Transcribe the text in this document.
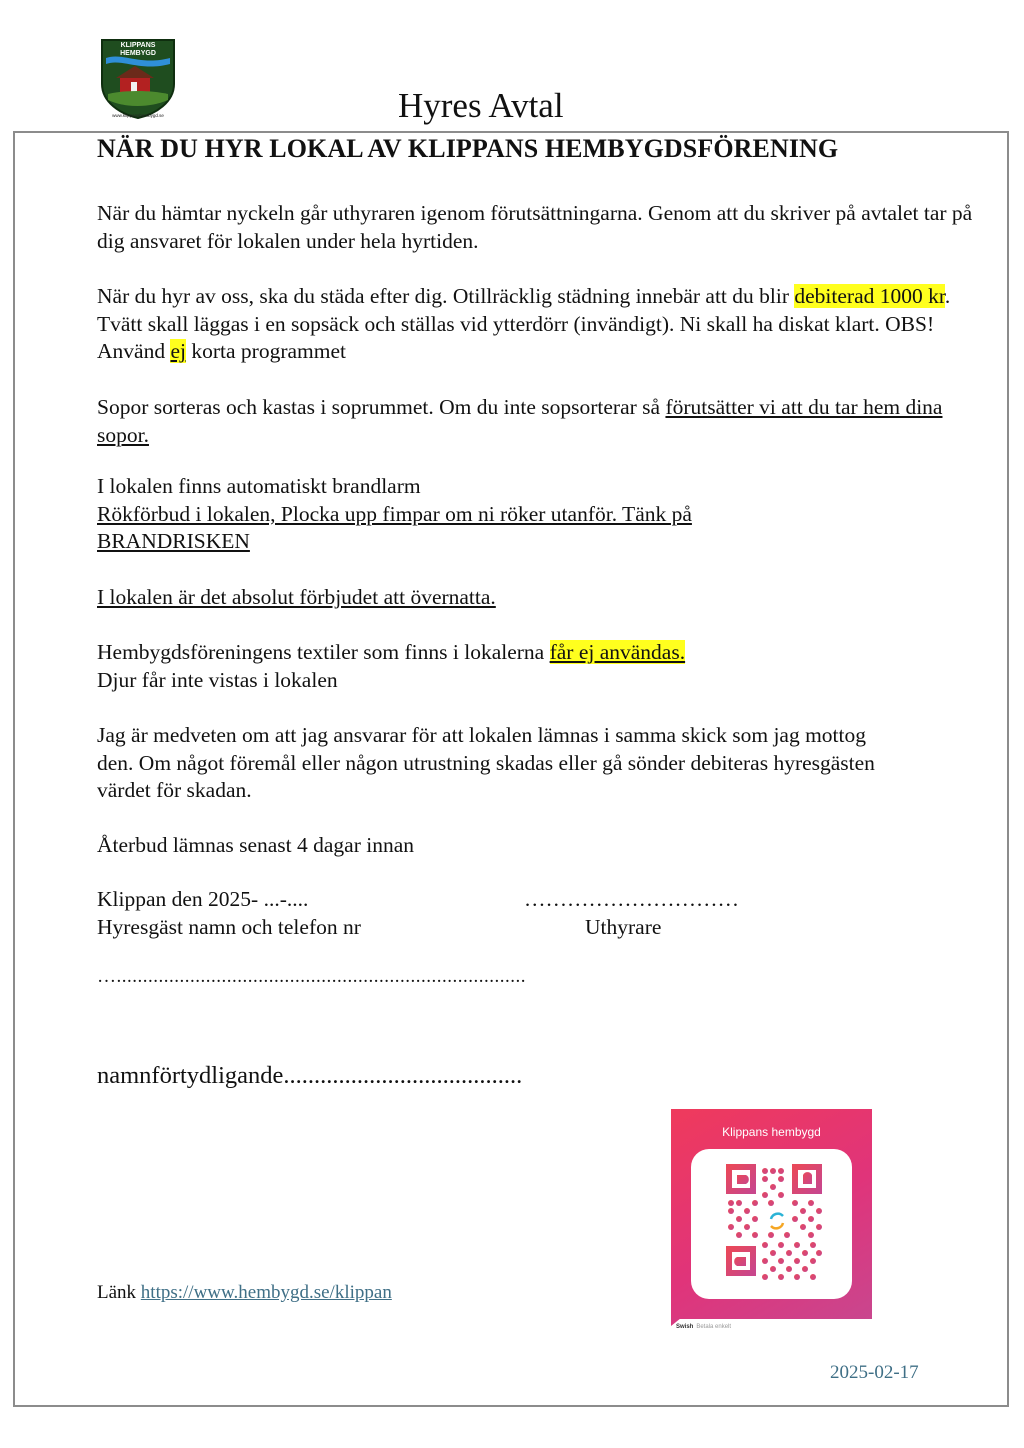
KLIPPANS
HEMBYGD
www.klippanshembygd.se	Hyres Avtal
NÄR DU HYR LOKAL AV KLIPPANS HEMBYGDSFÖRENING

När du hämtar nyckeln går uthyraren igenom förutsättningarna. Genom att du skriver på avtalet tar på dig ansvaret för lokalen under hela hyrtiden.

När du hyr av oss, ska du städa efter dig. Otillräcklig städning innebär att du blir debiterad 1000 kr. Tvätt skall läggas i en sopsäck och ställas vid ytterdörr (invändigt). Ni skall ha diskat klart. OBS! Använd ej korta programmet

Sopor sorteras och kastas i soprummet. Om du inte sopsorterar så förutsätter vi att du tar hem dina sopor.

I lokalen finns automatiskt brandlarm

Rökförbud i lokalen, Plocka upp fimpar om ni röker utanför. Tänk på BRANDRISKEN

I lokalen är det absolut förbjudet att övernatta.

Hembygdsföreningens textiler som finns i lokalerna får ej användas.

Djur får inte vistas i lokalen

Jag är medveten om att jag ansvarar för att lokalen lämnas i samma skick som jag mottog den. Om något föremål eller någon utrustning skadas eller gå sönder debiteras hyresgästen värdet för skadan.

Återbud lämnas senast 4 dagar innan

Klippan den 2025- ...-....	…………………………
Hyresgäst namn och telefon nr	Uthyrare
…..............................................................................
namnförtydligande.......................................
Klippans hembygd
Swish Betala enkelt
Länk https://www.hembygd.se/klippan
2025-02-17
